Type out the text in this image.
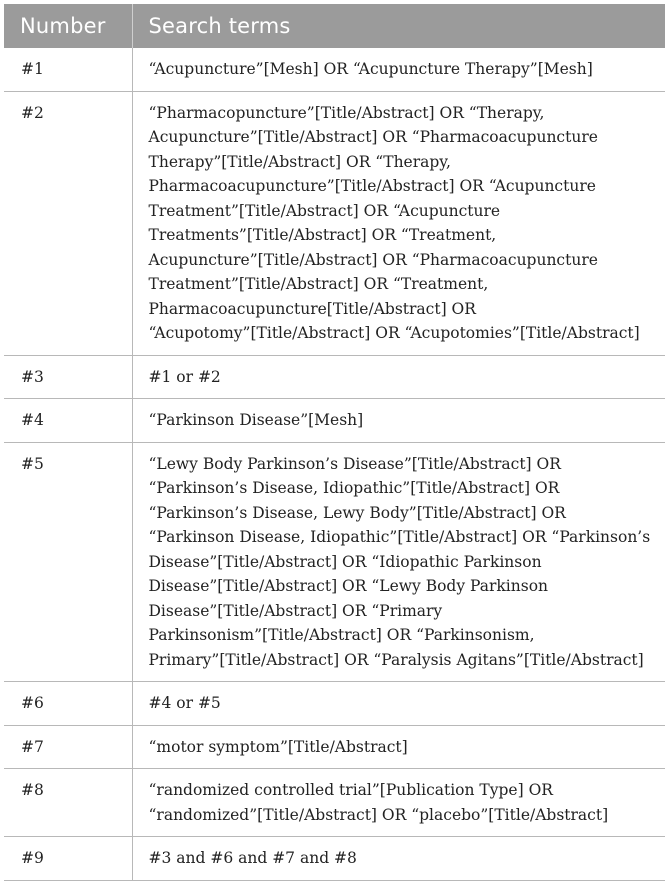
Number	Search terms
#1	“Acupuncture”[Mesh] OR “Acupuncture Therapy”[Mesh]
#2	“Pharmacopuncture”[Title/Abstract] OR “Therapy, Acupuncture”[Title/Abstract] OR “Pharmacoacupuncture Therapy”[Title/Abstract] OR “Therapy, Pharmacoacupuncture”[Title/Abstract] OR “Acupuncture Treatment”[Title/Abstract] OR “Acupuncture Treatments”[Title/Abstract] OR “Treatment, Acupuncture”[Title/Abstract] OR “Pharmacoacupuncture Treatment”[Title/Abstract] OR “Treatment, Pharmacoacupuncture[Title/Abstract] OR “Acupotomy”[Title/Abstract] OR “Acupotomies”[Title/Abstract]
#3	#1 or #2
#4	“Parkinson Disease”[Mesh]
#5	“Lewy Body Parkinson’s Disease”[Title/Abstract] OR “Parkinson’s Disease, Idiopathic”[Title/Abstract] OR “Parkinson’s Disease, Lewy Body”[Title/Abstract] OR “Parkinson Disease, Idiopathic”[Title/Abstract] OR “Parkinson’s Disease”[Title/Abstract] OR “Idiopathic Parkinson Disease”[Title/Abstract] OR “Lewy Body Parkinson Disease”[Title/Abstract] OR “Primary Parkinsonism”[Title/Abstract] OR “Parkinsonism, Primary”[Title/Abstract] OR “Paralysis Agitans”[Title/Abstract]
#6	#4 or #5
#7	“motor symptom”[Title/Abstract]
#8	“randomized controlled trial”[Publication Type] OR “randomized”[Title/Abstract] OR “placebo”[Title/Abstract]
#9	#3 and #6 and #7 and #8
